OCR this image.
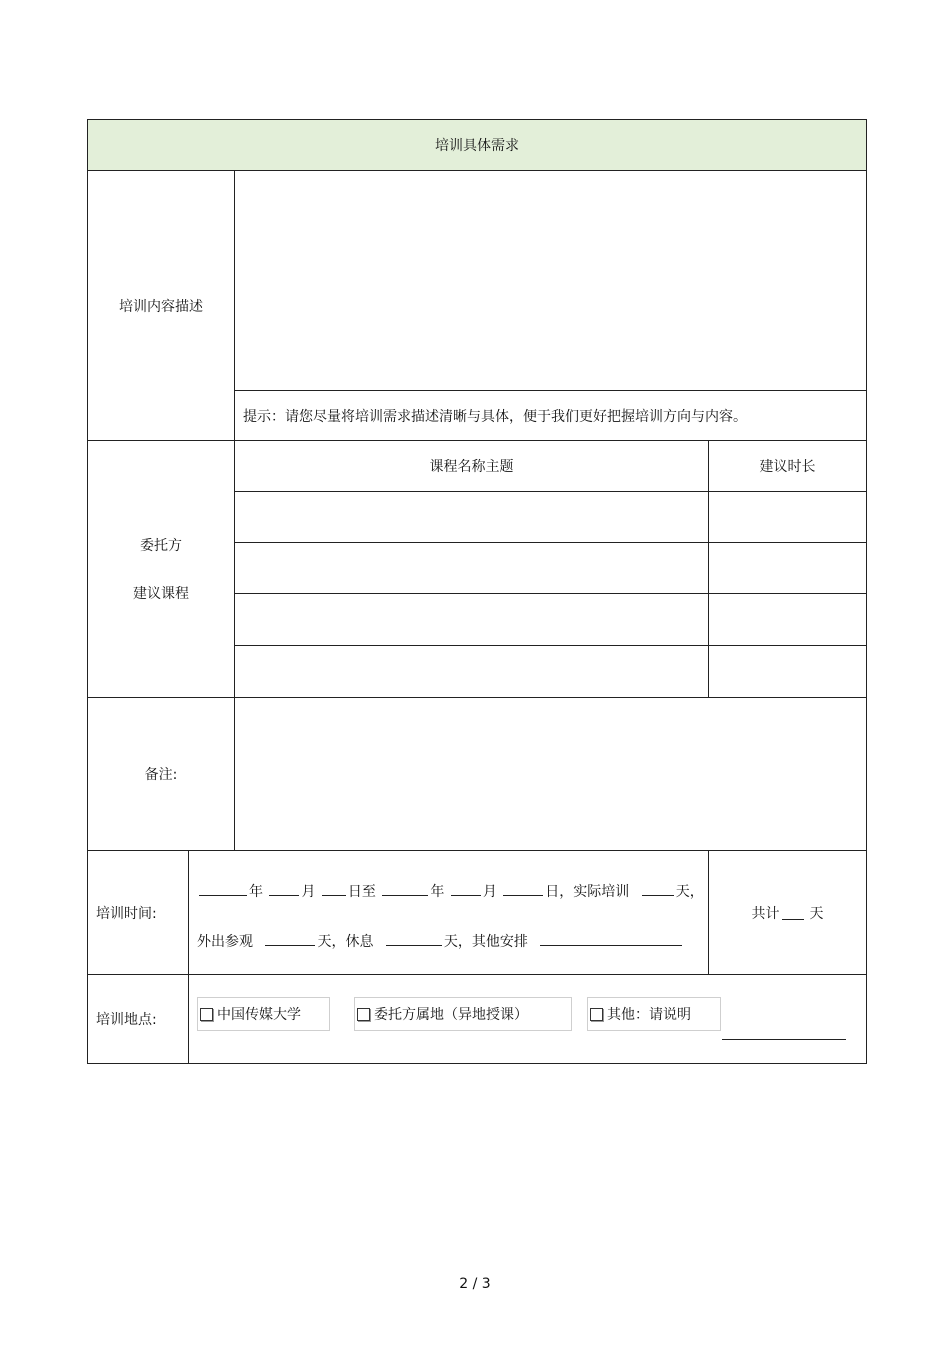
培训具体需求
培训内容描述
提示：请您尽量将培训需求描述清晰与具体，便于我们更好把握培训方向与内容。
委托方
建议课程
课程名称主题	建议时长
备注:
培训时间:
年	月 日至	年	月	日，实际培训	天，
外出参观	天，休息	天，其他安排
共计 天
培训地点:	中国传媒大学	委托方属地（异地授课）	其他：请说明
2 / 3
